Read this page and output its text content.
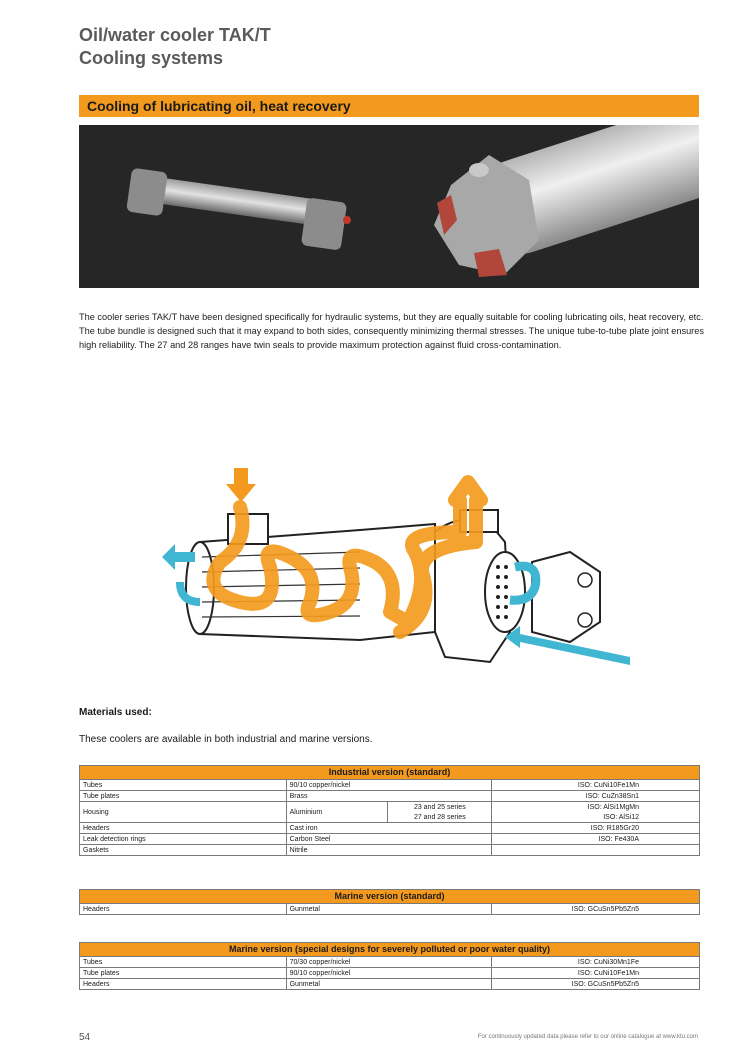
Oil/water cooler TAK/T
Cooling systems
Cooling of lubricating oil, heat recovery

The cooler series TAK/T have been designed specifically for hydraulic systems, but they are equally suitable for cooling lubricating oils, heat recovery, etc.

The tube bundle is designed such that it may expand to both sides, consequently minimizing thermal stresses. The unique tube-to-tube plate joint ensures high reliability. The 27 and 28 ranges have twin seals to provide maximum protection against fluid cross-contamination.

Materials used:
These coolers are available in both industrial and marine versions.
Industrial version (standard)			
Tubes	90/10 copper/nickel		ISO: CuNi10Fe1Mn
Tube plates	Brass		ISO: CuZn38Sn1
Housing	Aluminium	23 and 25 series	ISO: AlSi1MgMn
		27 and 28 series	ISO: AlSi12
Headers	Cast iron		ISO: R185Gr20
Leak detection rings	Carbon Steel		ISO: Fe430A
Gaskets	Nitrile		
Marine version (standard)
Headers	Gunmetal	ISO: GCuSn5Pb5Zn5
Marine version (special designs for severely polluted or poor water quality)		
Tubes	70/30 copper/nickel	ISO: CuNi30Mn1Fe
Tube plates	90/10 copper/nickel	ISO: CuNi10Fe1Mn
Headers	Gunmetal	ISO: GCuSn5Pb5Zn5
54	For continuously updated data please refer to our online catalogue at www.ktu.com
